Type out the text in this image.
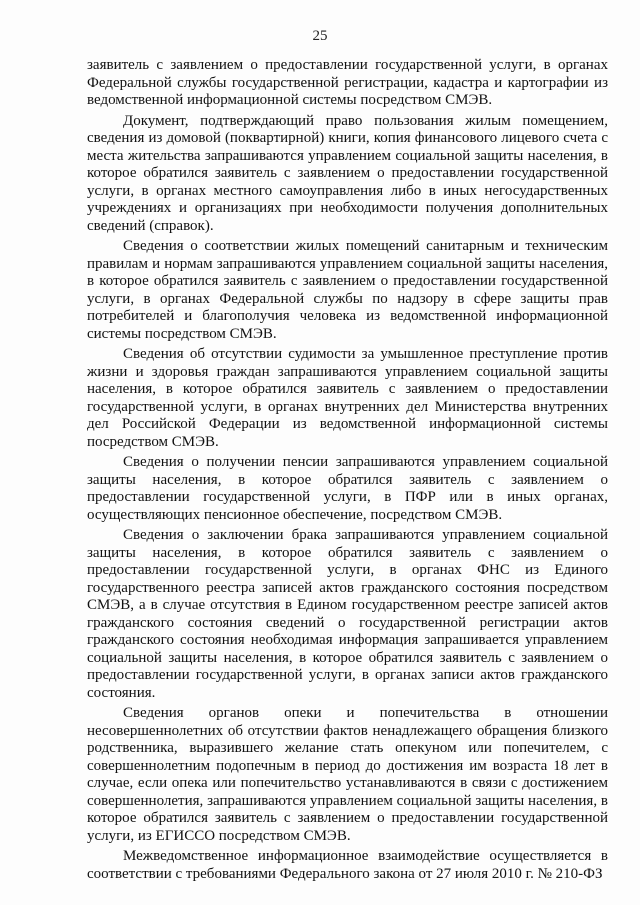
25

заявитель с заявлением о предоставлении государственной услуги, в органах Федеральной службы государственной регистрации, кадастра и картографии из ведомственной информационной системы посредством СМЭВ.

Документ, подтверждающий право пользования жилым помещением, сведения из домовой (поквартирной) книги, копия финансового лицевого счета с места жительства запрашиваются управлением социальной защиты населения, в которое обратился заявитель с заявлением о предоставлении государственной услуги, в органах местного самоуправления либо в иных негосударственных учреждениях и организациях при необходимости получения дополнительных сведений (справок).

Сведения о соответствии жилых помещений санитарным и техническим правилам и нормам запрашиваются управлением социальной защиты населения, в которое обратился заявитель с заявлением о предоставлении государственной услуги, в органах Федеральной службы по надзору в сфере защиты прав потребителей и благополучия человека из ведомственной информационной системы посредством СМЭВ.

Сведения об отсутствии судимости за умышленное преступление против жизни и здоровья граждан запрашиваются управлением социальной защиты населения, в которое обратился заявитель с заявлением о предоставлении государственной услуги, в органах внутренних дел Министерства внутренних дел Российской Федерации из ведомственной информационной системы посредством СМЭВ.

Сведения о получении пенсии запрашиваются управлением социальной защиты населения, в которое обратился заявитель с заявлением о предоставлении государственной услуги, в ПФР или в иных органах, осуществляющих пенсионное обеспечение, посредством СМЭВ.

Сведения о заключении брака запрашиваются управлением социальной защиты населения, в которое обратился заявитель с заявлением о предоставлении государственной услуги, в органах ФНС из Единого государственного реестра записей актов гражданского состояния посредством СМЭВ, а в случае отсутствия в Едином государственном реестре записей актов гражданского состояния сведений о государственной регистрации актов гражданского состояния необходимая информация запрашивается управлением социальной защиты населения, в которое обратился заявитель с заявлением о предоставлении государственной услуги, в органах записи актов гражданского состояния.

Сведения органов опеки и попечительства в отношении несовершеннолетних об отсутствии фактов ненадлежащего обращения близкого родственника, выразившего желание стать опекуном или попечителем, с совершеннолетним подопечным в период до достижения им возраста 18 лет в случае, если опека или попечительство устанавливаются в связи с достижением совершеннолетия, запрашиваются управлением социальной защиты населения, в которое обратился заявитель с заявлением о предоставлении государственной услуги, из ЕГИССО посредством СМЭВ.

Межведомственное информационное взаимодействие осуществляется в соответствии с требованиями Федерального закона от 27 июля 2010 г. № 210-ФЗ
